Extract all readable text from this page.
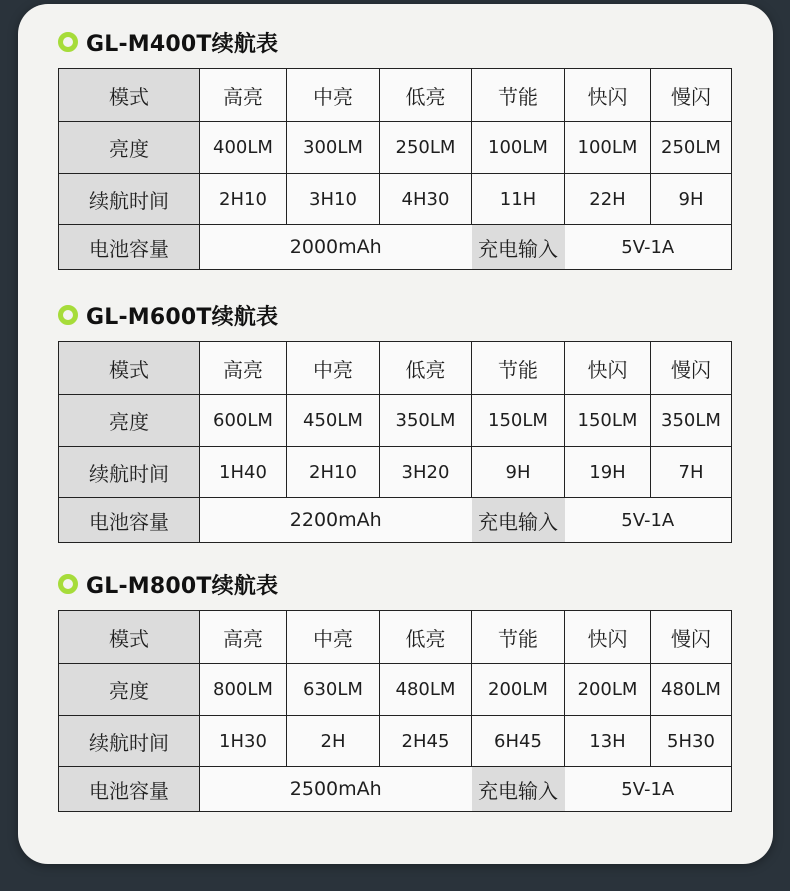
GL-M400T续航表
模式	高亮	中亮	低亮	节能	快闪	慢闪
亮度	400LM	300LM	250LM	100LM	100LM	250LM
续航时间	2H10	3H10	4H30	11H	22H	9H
电池容量	2000mAh			充电输入	5V-1A	
GL-M600T续航表
模式	高亮	中亮	低亮	节能	快闪	慢闪
亮度	600LM	450LM	350LM	150LM	150LM	350LM
续航时间	1H40	2H10	3H20	9H	19H	7H
电池容量	2200mAh			充电输入	5V-1A	
GL-M800T续航表
模式	高亮	中亮	低亮	节能	快闪	慢闪
亮度	800LM	630LM	480LM	200LM	200LM	480LM
续航时间	1H30	2H	2H45	6H45	13H	5H30
电池容量	2500mAh			充电输入	5V-1A	
